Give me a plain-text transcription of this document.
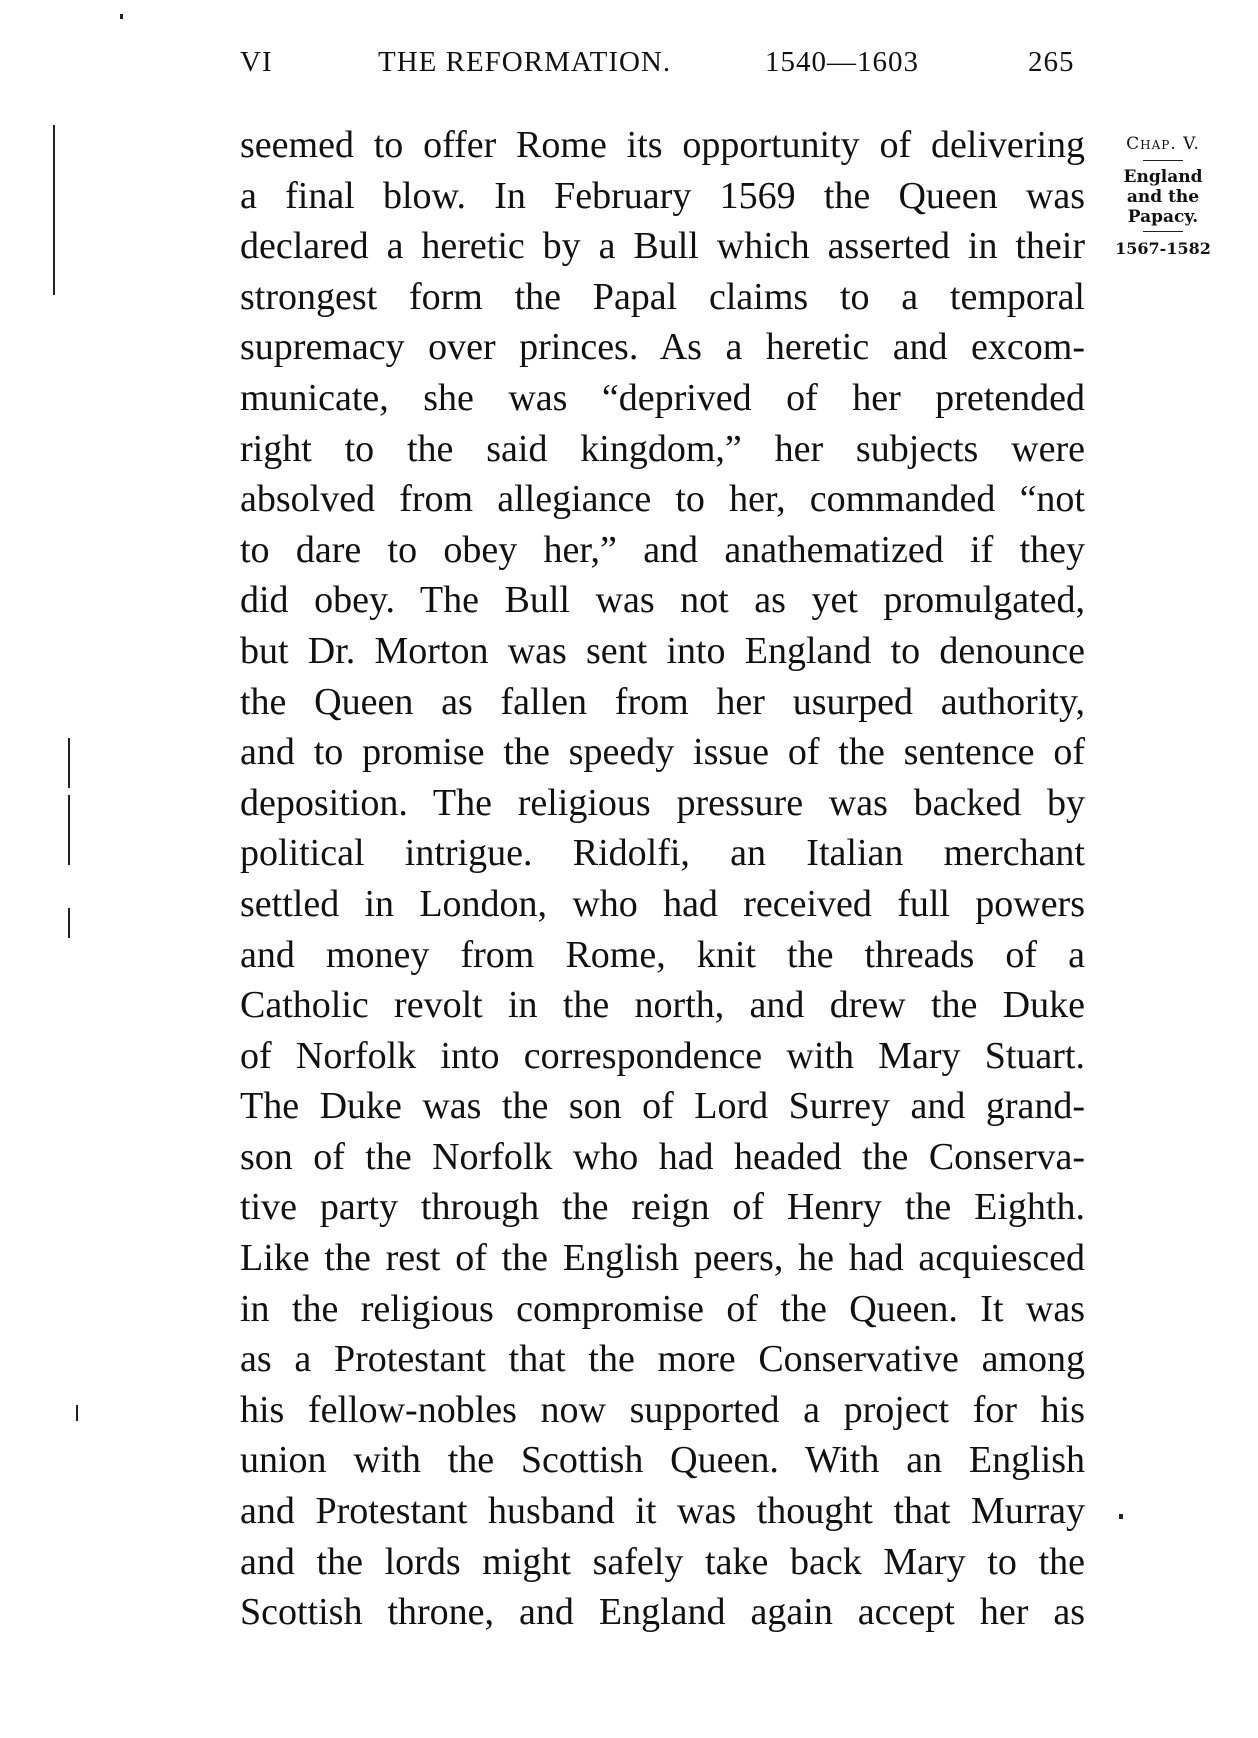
VI	THE REFORMATION.	1540—1603	265
seemed to offer Rome its opportunity of delivering
a final blow. In February 1569 the Queen was
declared a heretic by a Bull which asserted in their
strongest form the Papal claims to a temporal
supremacy over princes. As a heretic and excom-
municate, she was “deprived of her pretended
right to the said kingdom,” her subjects were
absolved from allegiance to her, commanded “not
to dare to obey her,” and anathematized if they
did obey. The Bull was not as yet promulgated,
but Dr. Morton was sent into England to denounce
the Queen as fallen from her usurped authority,
and to promise the speedy issue of the sentence of
deposition. The religious pressure was backed by
political intrigue. Ridolfi, an Italian merchant
settled in London, who had received full powers
and money from Rome, knit the threads of a
Catholic revolt in the north, and drew the Duke
of Norfolk into correspondence with Mary Stuart.
The Duke was the son of Lord Surrey and grand-
son of the Norfolk who had headed the Conserva-
tive party through the reign of Henry the Eighth.
Like the rest of the English peers, he had acquiesced
in the religious compromise of the Queen. It was
as a Protestant that the more Conservative among
his fellow-nobles now supported a project for his
union with the Scottish Queen. With an English
and Protestant husband it was thought that Murray
and the lords might safely take back Mary to the
Scottish throne, and England again accept her as
Chap. V.
England
and the
Papacy.
1567-1582
